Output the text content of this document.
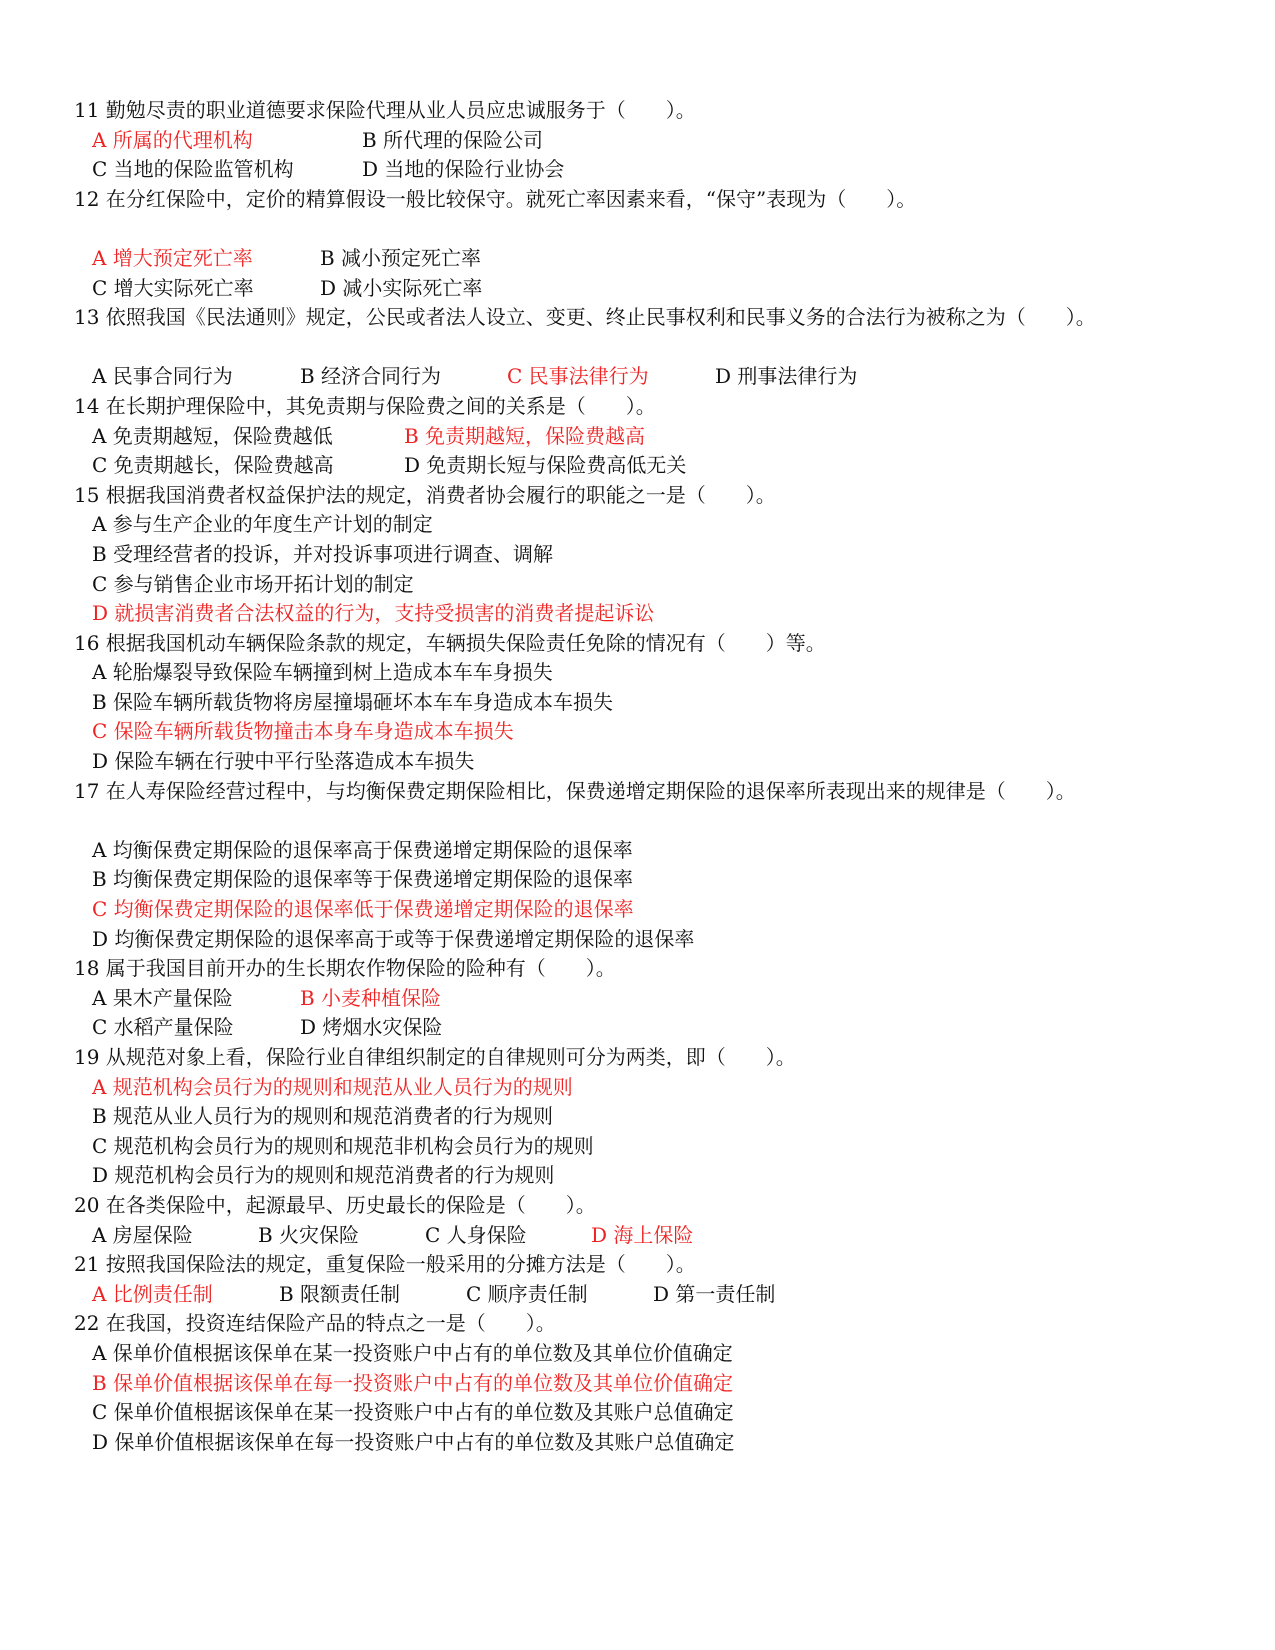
11 勤勉尽责的职业道德要求保险代理从业人员应忠诚服务于（　　）。
A 所属的代理机构	B 所代理的保险公司
C 当地的保险监管机构	D 当地的保险行业协会
12 在分红保险中，定价的精算假设一般比较保守。就死亡率因素来看，“保守”表现为（　　）。
A 增大预定死亡率	B 减小预定死亡率
C 增大实际死亡率	D 减小实际死亡率
13 依照我国《民法通则》规定，公民或者法人设立、变更、终止民事权利和民事义务的合法行为被称之为（　　）。
A 民事合同行为	B 经济合同行为	C 民事法律行为	D 刑事法律行为
14 在长期护理保险中，其免责期与保险费之间的关系是（　　）。
A 免责期越短，保险费越低	B 免责期越短，保险费越高
C 免责期越长，保险费越高	D 免责期长短与保险费高低无关
15 根据我国消费者权益保护法的规定，消费者协会履行的职能之一是（　　）。
A 参与生产企业的年度生产计划的制定
B 受理经营者的投诉，并对投诉事项进行调查、调解
C 参与销售企业市场开拓计划的制定
D 就损害消费者合法权益的行为，支持受损害的消费者提起诉讼
16 根据我国机动车辆保险条款的规定，车辆损失保险责任免除的情况有（　　）等。
A 轮胎爆裂导致保险车辆撞到树上造成本车车身损失
B 保险车辆所载货物将房屋撞塌砸坏本车车身造成本车损失
C 保险车辆所载货物撞击本身车身造成本车损失
D 保险车辆在行驶中平行坠落造成本车损失
17 在人寿保险经营过程中，与均衡保费定期保险相比，保费递增定期保险的退保率所表现出来的规律是（　　）。
A 均衡保费定期保险的退保率高于保费递增定期保险的退保率
B 均衡保费定期保险的退保率等于保费递增定期保险的退保率
C 均衡保费定期保险的退保率低于保费递增定期保险的退保率
D 均衡保费定期保险的退保率高于或等于保费递增定期保险的退保率
18 属于我国目前开办的生长期农作物保险的险种有（　　）。
A 果木产量保险	B 小麦种植保险
C 水稻产量保险	D 烤烟水灾保险
19 从规范对象上看，保险行业自律组织制定的自律规则可分为两类，即（　　）。
A 规范机构会员行为的规则和规范从业人员行为的规则
B 规范从业人员行为的规则和规范消费者的行为规则
C 规范机构会员行为的规则和规范非机构会员行为的规则
D 规范机构会员行为的规则和规范消费者的行为规则
20 在各类保险中，起源最早、历史最长的保险是（　　）。
A 房屋保险	B 火灾保险	C 人身保险	D 海上保险
21 按照我国保险法的规定，重复保险一般采用的分摊方法是（　　）。
A 比例责任制	B 限额责任制	C 顺序责任制	D 第一责任制
22 在我国，投资连结保险产品的特点之一是（　　）。
A 保单价值根据该保单在某一投资账户中占有的单位数及其单位价值确定
B 保单价值根据该保单在每一投资账户中占有的单位数及其单位价值确定
C 保单价值根据该保单在某一投资账户中占有的单位数及其账户总值确定
D 保单价值根据该保单在每一投资账户中占有的单位数及其账户总值确定
